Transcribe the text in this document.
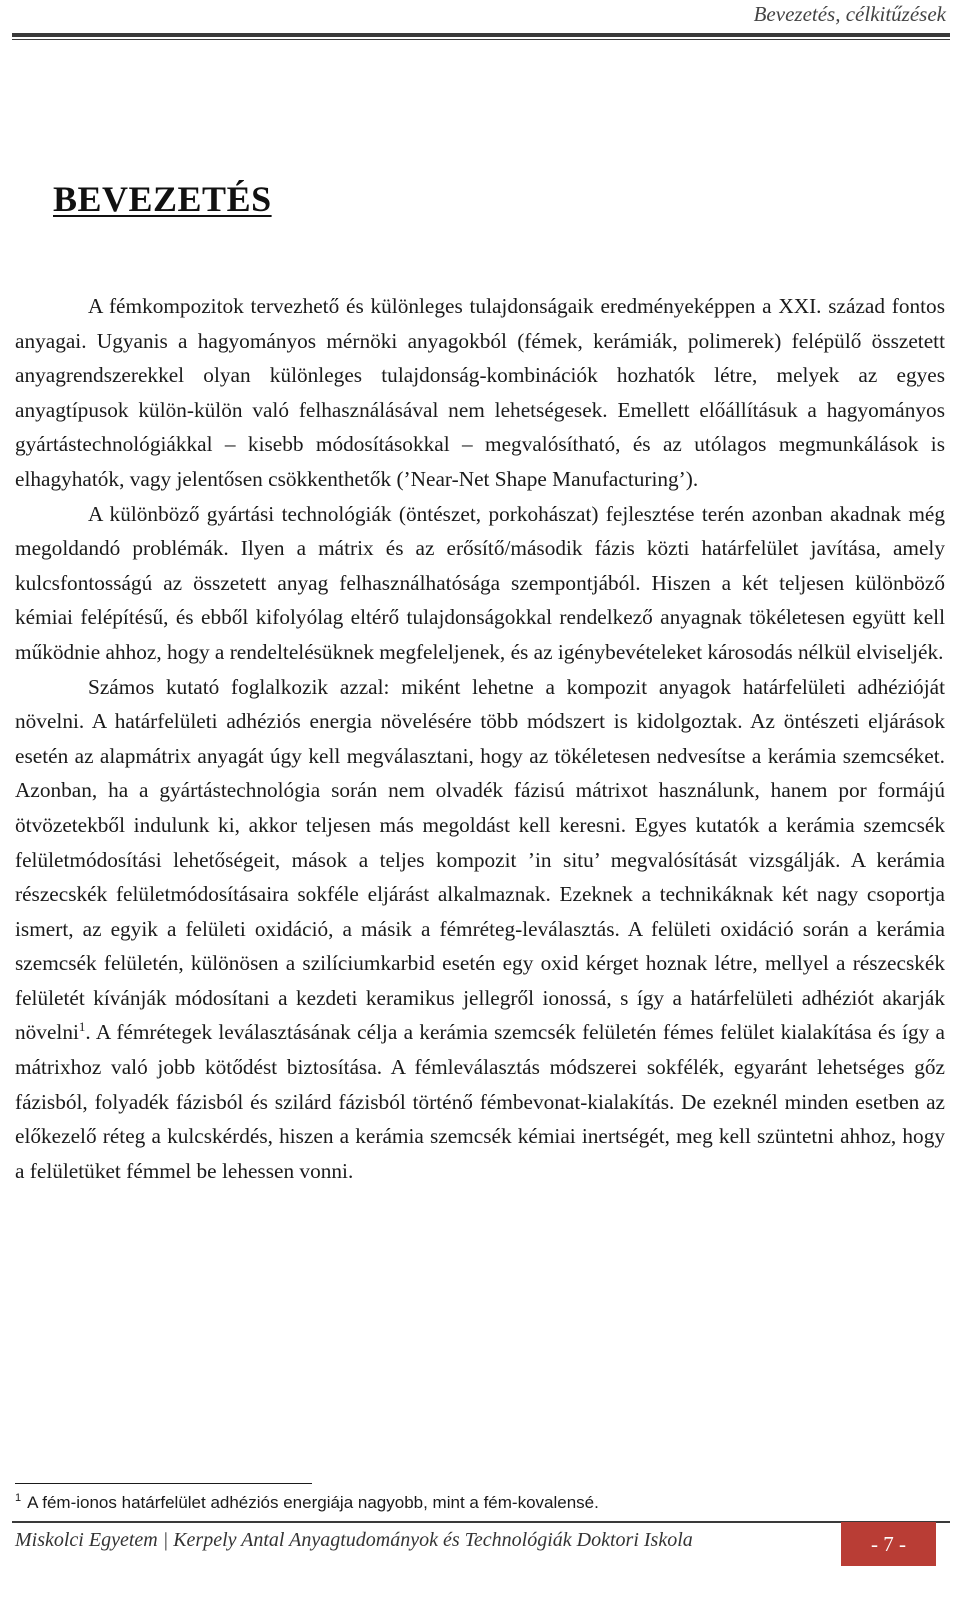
Bevezetés, célkitűzések
BEVEZETÉS

A fémkompozitok tervezhető és különleges tulajdonságaik eredményeképpen a XXI. század fontos anyagai. Ugyanis a hagyományos mérnöki anyagokból (fémek, kerámiák, polimerek) felépülő összetett anyagrendszerekkel olyan különleges tulajdonság-kombinációk hozhatók létre, melyek az egyes anyagtípusok külön-külön való felhasználásával nem lehetségesek. Emellett előállításuk a hagyományos gyártástechnológiákkal – kisebb módosításokkal – megvalósítható, és az utólagos megmunkálások is elhagyhatók, vagy jelentősen csökkenthetők (’Near-Net Shape Manufacturing’).

A különböző gyártási technológiák (öntészet, porkohászat) fejlesztése terén azonban akadnak még megoldandó problémák. Ilyen a mátrix és az erősítő/második fázis közti határfelület javítása, amely kulcsfontosságú az összetett anyag felhasználhatósága szempontjából. Hiszen a két teljesen különböző kémiai felépítésű, és ebből kifolyólag eltérő tulajdonságokkal rendelkező anyagnak tökéletesen együtt kell működnie ahhoz, hogy a rendeltelésüknek megfeleljenek, és az igénybevételeket károsodás nélkül elviseljék.

Számos kutató foglalkozik azzal: miként lehetne a kompozit anyagok határfelületi adhézióját növelni. A határfelületi adhéziós energia növelésére több módszert is kidolgoztak. Az öntészeti eljárások esetén az alapmátrix anyagát úgy kell megválasztani, hogy az tökéletesen nedvesítse a kerámia szemcséket. Azonban, ha a gyártástechnológia során nem olvadék fázisú mátrixot használunk, hanem por formájú ötvözetekből indulunk ki, akkor teljesen más megoldást kell keresni. Egyes kutatók a kerámia szemcsék felületmódosítási lehetőségeit, mások a teljes kompozit ’in situ’ megvalósítását vizsgálják. A kerámia részecskék felületmódosításaira sokféle eljárást alkalmaznak. Ezeknek a technikáknak két nagy csoportja ismert, az egyik a felületi oxidáció, a másik a fémréteg-leválasztás. A felületi oxidáció során a kerámia szemcsék felületén, különösen a szilíciumkarbid esetén egy oxid kérget hoznak létre, mellyel a részecskék felületét kívánják módosítani a kezdeti keramikus jellegről ionossá, s így a határfelületi adhéziót akarják növelni$^1$. A fémrétegek leválasztásának célja a kerámia szemcsék felületén fémes felület kialakítása és így a mátrixhoz való jobb kötődést biztosítása. A fémleválasztás módszerei sokfélék, egyaránt lehetséges gőz fázisból, folyadék fázisból és szilárd fázisból történő fémbevonat-kialakítás. De ezeknél minden esetben az előkezelő réteg a kulcskérdés, hiszen a kerámia szemcsék kémiai inertségét, meg kell szüntetni ahhoz, hogy a felületüket fémmel be lehessen vonni.

$^1$ A fém-ionos határfelület adhéziós energiája nagyobb, mint a fém-kovalensé.
Miskolci Egyetem | Kerpely Antal Anyagtudományok és Technológiák Doktori Iskola	- 7 -
